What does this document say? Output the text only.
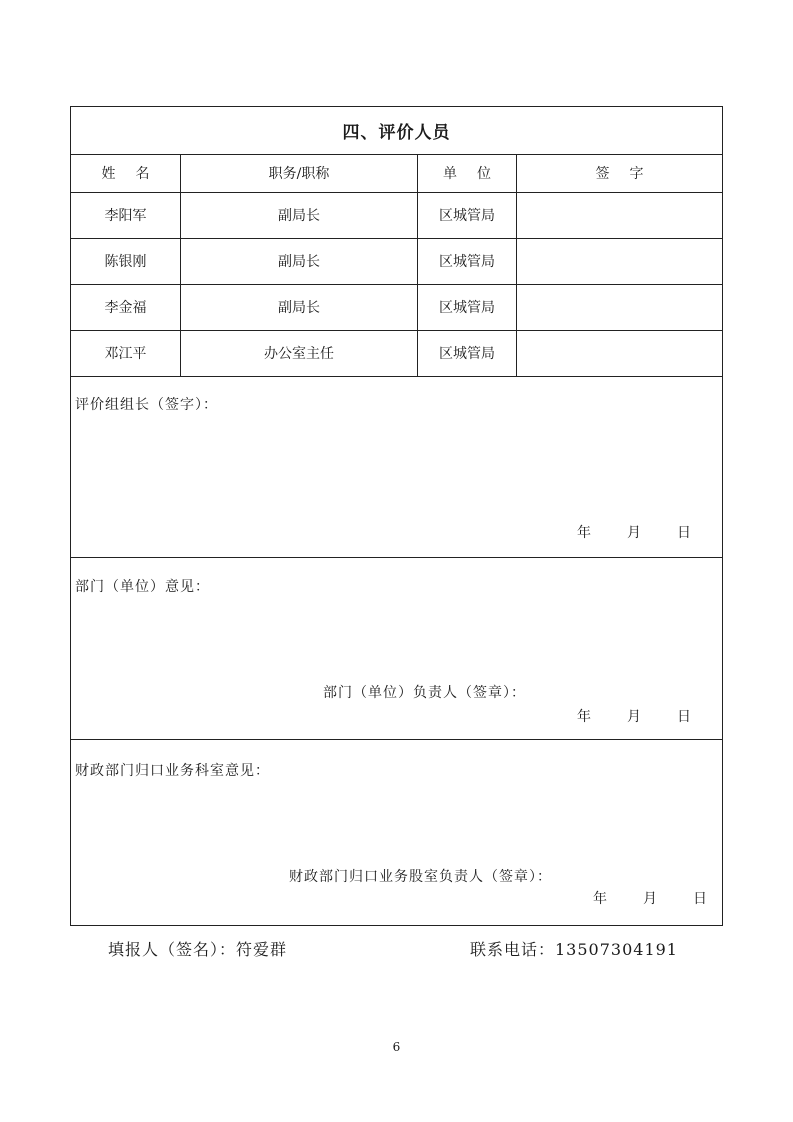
四、评价人员
姓名	职务/职称	单位	签字
李阳军	副局长	区城管局
陈银刚	副局长	区城管局
李金福	副局长	区城管局
邓江平	办公室主任	区城管局
评价组组长（签字）：
年	月	日
部门（单位）意见：
部门（单位）负责人（签章）：
年	月	日
财政部门归口业务科室意见：
财政部门归口业务股室负责人（签章）：
年	月	日
填报人（签名）：符爱群	联系电话：13507304191
6
